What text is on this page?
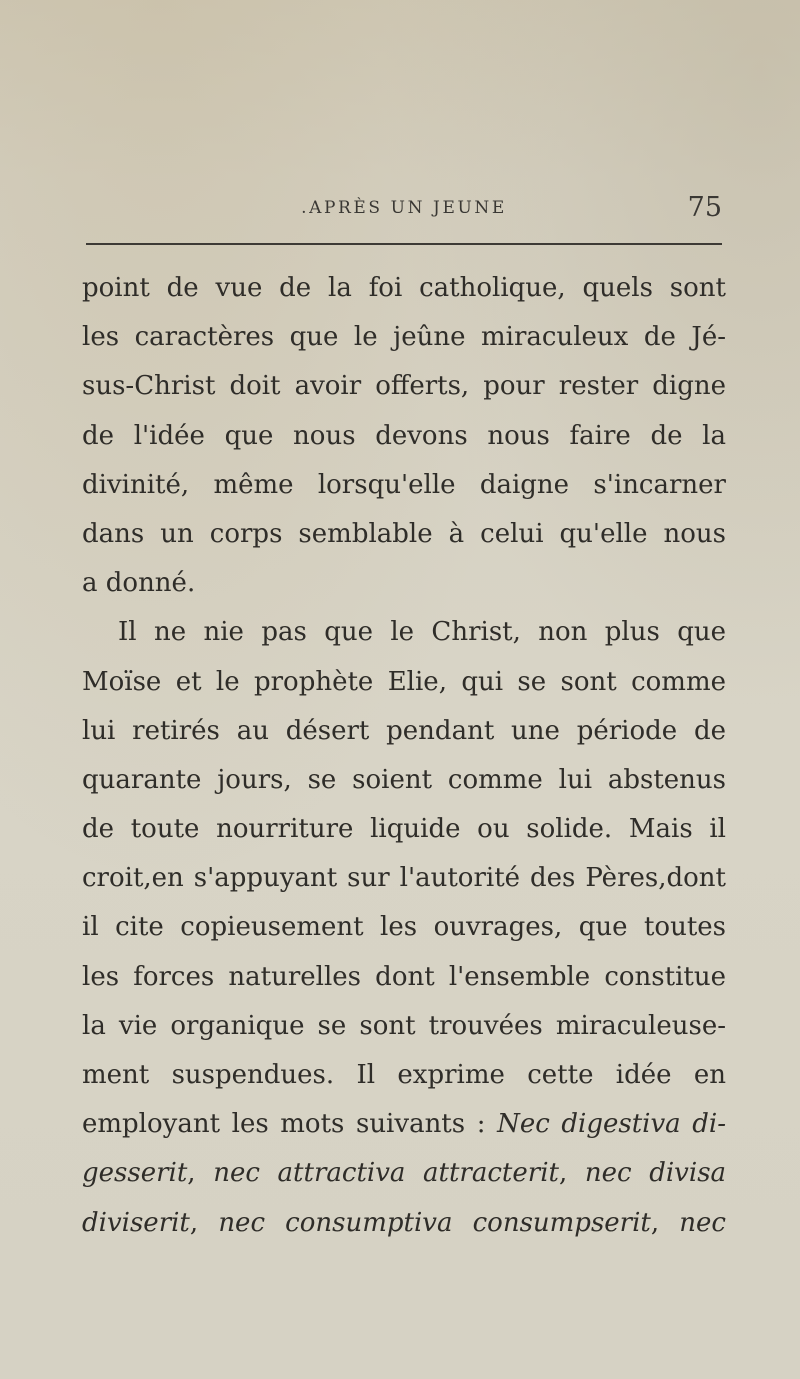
.APRÈS UN JEUNE	75
point de vue de la foi catholique, quels sont
les caractères que le jeûne miraculeux de Jé-
sus-Christ doit avoir offerts, pour rester digne
de l'idée que nous devons nous faire de la
divinité, même lorsqu'elle daigne s'incarner
dans un corps semblable à celui qu'elle nous
a donné.
Il ne nie pas que le Christ, non plus que
Moïse et le prophète Elie, qui se sont comme
lui retirés au désert pendant une période de
quarante jours, se soient comme lui abstenus
de toute nourriture liquide ou solide. Mais il
croit,en s'appuyant sur l'autorité des Pères,dont
il cite copieusement les ouvrages, que toutes
les forces naturelles dont l'ensemble constitue
la vie organique se sont trouvées miraculeuse-
ment suspendues. Il exprime cette idée en
employant les mots suivants : Nec digestiva di-
gesserit, nec attractiva attracterit, nec divisa
diviserit, nec consumptiva consumpserit, nec
